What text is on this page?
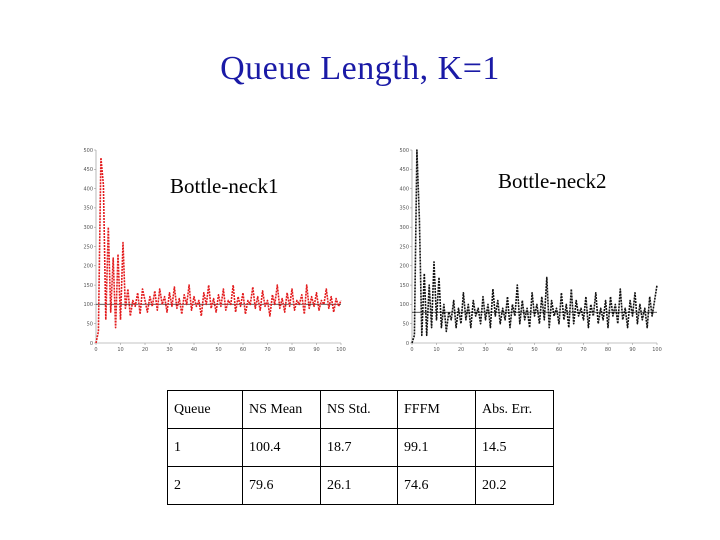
Queue Length, K=1
0
50
100
150
200
250
300
350
400
450
500
0	10	20	30	40	50	60	70	80	90	100
Bottle-neck1
0
50
100
150
200
250
300
350
400
450
500
0	10	20	30	40	50	60	70	80	90	100
Bottle-neck2
Queue	NS Mean	NS Std.	FFFM	Abs. Err.
1	100.4	18.7	99.1	14.5
2	79.6	26.1	74.6	20.2
